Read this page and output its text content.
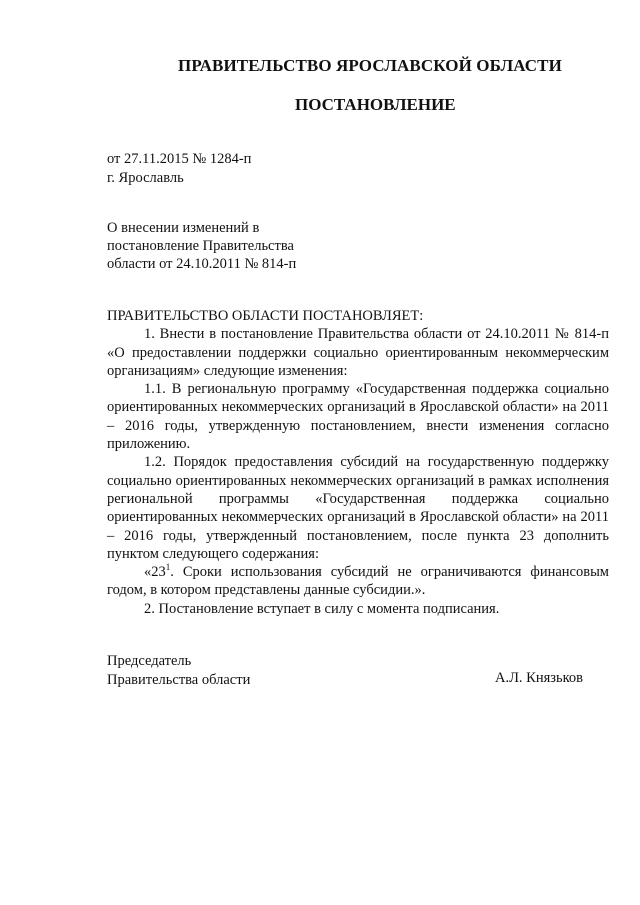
ПРАВИТЕЛЬСТВО ЯРОСЛАВСКОЙ ОБЛАСТИ
ПОСТАНОВЛЕНИЕ
от 27.11.2015 № 1284-п
г. Ярославль
О внесении изменений в
постановление Правительства
области от 24.10.2011 № 814-п

ПРАВИТЕЛЬСТВО ОБЛАСТИ ПОСТАНОВЛЯЕТ:

1. Внести в постановление Правительства области от 24.10.2011 № 814-п «О предоставлении поддержки социально ориентированным некоммерческим организациям» следующие изменения:

1.1. В региональную программу «Государственная поддержка социально ориентированных некоммерческих организаций в Ярославской области» на 2011 – 2016 годы, утвержденную постановлением, внести изменения согласно приложению.

1.2. Порядок предоставления субсидий на государственную поддержку социально ориентированных некоммерческих организаций в рамках исполнения региональной программы «Государственная поддержка социально ориентированных некоммерческих организаций в Ярославской области» на 2011 – 2016 годы, утвержденный постановлением, после пункта 23 дополнить пунктом следующего содержания:

«$23^1$. Сроки использования субсидий не ограничиваются финансовым годом, в котором представлены данные субсидии.».

2. Постановление вступает в силу с момента подписания.

Председатель
Правительства области	А.Л. Князьков
